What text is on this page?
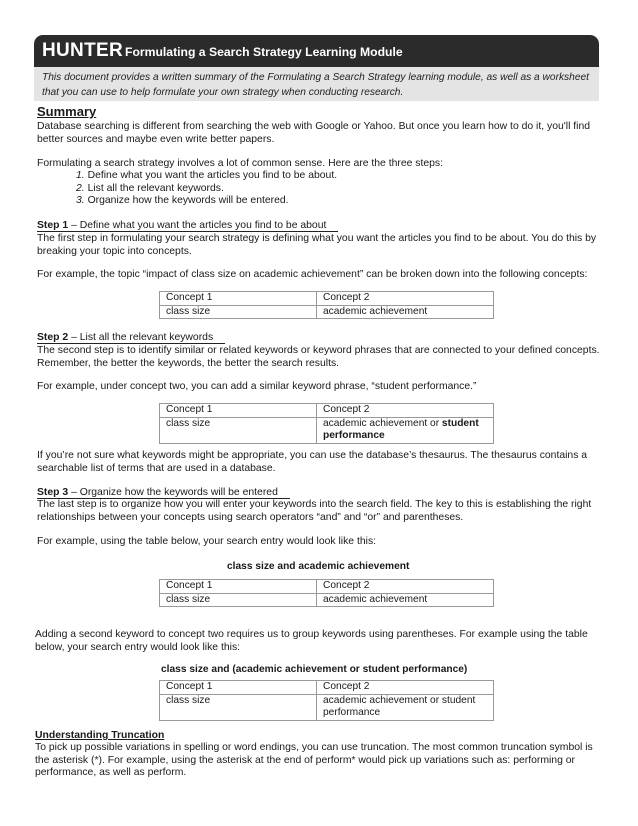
HUNTER Formulating a Search Strategy Learning Module
This document provides a written summary of the Formulating a Search Strategy learning module, as well as a worksheet that you can use to help formulate your own strategy when conducting research.
Summary
Database searching is different from searching the web with Google or Yahoo. But once you learn how to do it, you'll find better sources and maybe even write better papers.
Formulating a search strategy involves a lot of common sense. Here are the three steps:
1. Define what you want the articles you find to be about.
2. List all the relevant keywords.
3. Organize how the keywords will be entered.
Step 1 – Define what you want the articles you find to be about
The first step in formulating your search strategy is defining what you want the articles you find to be about. You do this by breaking your topic into concepts.
For example, the topic “impact of class size on academic achievement” can be broken down into the following concepts:
Concept 1	Concept 2
class size	academic achievement
Step 2 – List all the relevant keywords
The second step is to identify similar or related keywords or keyword phrases that are connected to your defined concepts. Remember, the better the keywords, the better the search results.
For example, under concept two, you can add a similar keyword phrase, “student performance.”
Concept 1	Concept 2
class size	academic achievement or student performance
If you’re not sure what keywords might be appropriate, you can use the database’s thesaurus. The thesaurus contains a searchable list of terms that are used in a database.
Step 3 – Organize how the keywords will be entered
The last step is to organize how you will enter your keywords into the search field. The key to this is establishing the right relationships between your concepts using search operators “and” and “or” and parentheses.
For example, using the table below, your search entry would look like this:
class size and academic achievement
Concept 1	Concept 2
class size	academic achievement
Adding a second keyword to concept two requires us to group keywords using parentheses. For example using the table below, your search entry would look like this:
class size and (academic achievement or student performance)
Concept 1	Concept 2
class size	academic achievement or student performance
Understanding Truncation
To pick up possible variations in spelling or word endings, you can use truncation. The most common truncation symbol is the asterisk (*). For example, using the asterisk at the end of perform* would pick up variations such as: performing or performance, as well as perform.
